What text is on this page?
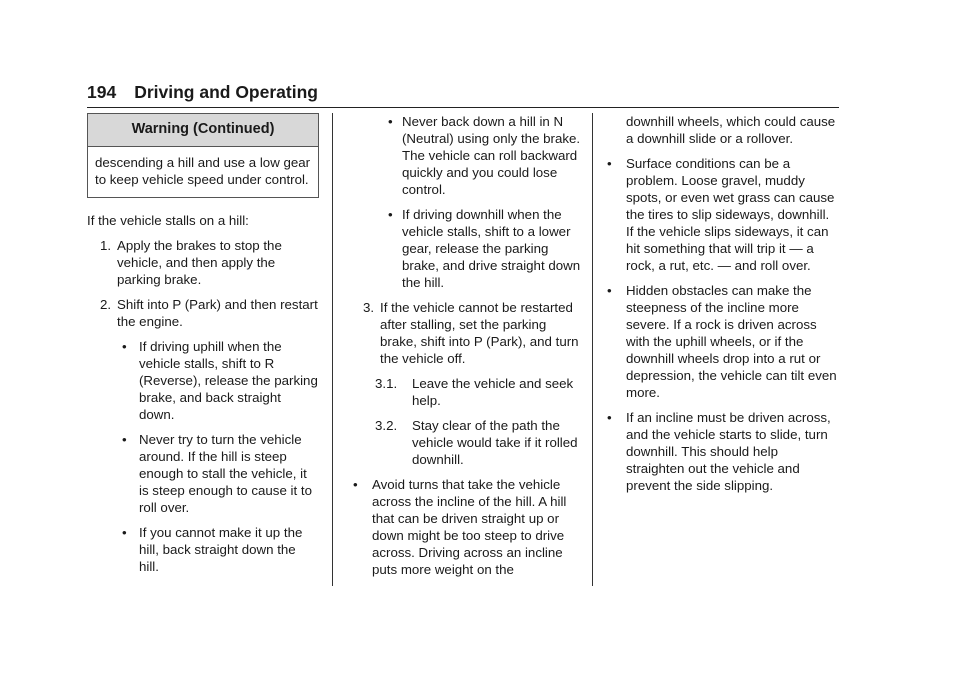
194 Driving and Operating
Warning (Continued)
descending a hill and use a low gear to keep vehicle speed under control.

If the vehicle stalls on a hill:

1. Apply the brakes to stop the vehicle, and then apply the parking brake.
2. Shift into P (Park) and then restart the engine.
• If driving uphill when the vehicle stalls, shift to R (Reverse), release the parking brake, and back straight down.
• Never try to turn the vehicle around. If the hill is steep enough to stall the vehicle, it is steep enough to cause it to roll over.
• If you cannot make it up the hill, back straight down the hill.
• Never back down a hill in N (Neutral) using only the brake. The vehicle can roll backward quickly and you could lose control.
• If driving downhill when the vehicle stalls, shift to a lower gear, release the parking brake, and drive straight down the hill.
3. If the vehicle cannot be restarted after stalling, set the parking brake, shift into P (Park), and turn the vehicle off.
3.1. Leave the vehicle and seek help.
3.2. Stay clear of the path the vehicle would take if it rolled downhill.
• Avoid turns that take the vehicle across the incline of the hill. A hill that can be driven straight up or down might be too steep to drive across. Driving across an incline puts more weight on the
downhill wheels, which could cause a downhill slide or a rollover.
• Surface conditions can be a problem. Loose gravel, muddy spots, or even wet grass can cause the tires to slip sideways, downhill. If the vehicle slips sideways, it can hit something that will trip it — a rock, a rut, etc. — and roll over.
• Hidden obstacles can make the steepness of the incline more severe. If a rock is driven across with the uphill wheels, or if the downhill wheels drop into a rut or depression, the vehicle can tilt even more.
• If an incline must be driven across, and the vehicle starts to slide, turn downhill. This should help straighten out the vehicle and prevent the side slipping.
